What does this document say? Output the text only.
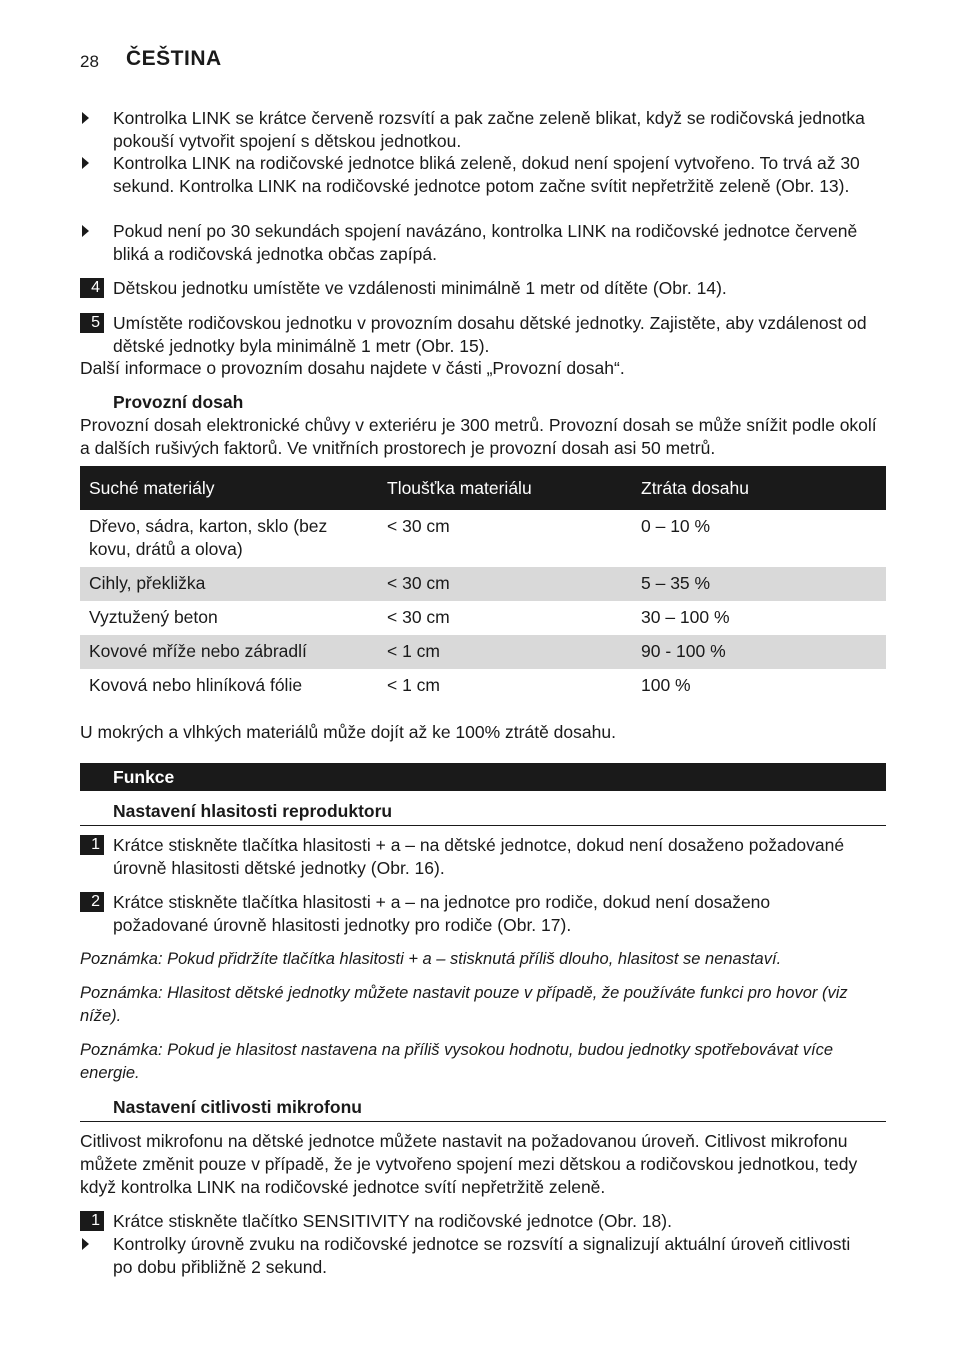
28 ČEŠTINA
Kontrolka LINK se krátce červeně rozsvítí a pak začne zeleně blikat, když se rodičovská jednotka pokouší vytvořit spojení s dětskou jednotkou.
Kontrolka LINK na rodičovské jednotce bliká zeleně, dokud není spojení vytvořeno. To trvá až 30 sekund. Kontrolka LINK na rodičovské jednotce potom začne svítit nepřetržitě zeleně (Obr. 13).
Pokud není po 30 sekundách spojení navázáno, kontrolka LINK na rodičovské jednotce červeně bliká a rodičovská jednotka občas zapípá.
4 Dětskou jednotku umístěte ve vzdálenosti minimálně 1 metr od dítěte (Obr. 14).
5 Umístěte rodičovskou jednotku v provozním dosahu dětské jednotky. Zajistěte, aby vzdálenost od dětské jednotky byla minimálně 1 metr (Obr. 15).
Další informace o provozním dosahu najdete v části „Provozní dosah“.
Provozní dosah
Provozní dosah elektronické chůvy v exteriéru je 300 metrů. Provozní dosah se může snížit podle okolí a dalších rušivých faktorů. Ve vnitřních prostorech je provozní dosah asi 50 metrů.
Suché materiály	Tloušťka materiálu	Ztráta dosahu
Dřevo, sádra, karton, sklo (bez kovu, drátů a olova)	< 30 cm	0 – 10 %
Cihly, překližka	< 30 cm	5 – 35 %
Vyztužený beton	< 30 cm	30 – 100 %
Kovové mříže nebo zábradlí	< 1 cm	90 - 100 %
Kovová nebo hliníková fólie	< 1 cm	100 %
U mokrých a vlhkých materiálů může dojít až ke 100% ztrátě dosahu.
Funkce
Nastavení hlasitosti reproduktoru
1 Krátce stiskněte tlačítka hlasitosti + a – na dětské jednotce, dokud není dosaženo požadované úrovně hlasitosti dětské jednotky (Obr. 16).
2 Krátce stiskněte tlačítka hlasitosti + a – na jednotce pro rodiče, dokud není dosaženo požadované úrovně hlasitosti jednotky pro rodiče (Obr. 17).
Poznámka: Pokud přidržíte tlačítka hlasitosti + a – stisknutá příliš dlouho, hlasitost se nenastaví.
Poznámka: Hlasitost dětské jednotky můžete nastavit pouze v případě, že používáte funkci pro hovor (viz níže).
Poznámka: Pokud je hlasitost nastavena na příliš vysokou hodnotu, budou jednotky spotřebovávat více energie.
Nastavení citlivosti mikrofonu
Citlivost mikrofonu na dětské jednotce můžete nastavit na požadovanou úroveň. Citlivost mikrofonu můžete změnit pouze v případě, že je vytvořeno spojení mezi dětskou a rodičovskou jednotkou, tedy když kontrolka LINK na rodičovské jednotce svítí nepřetržitě zeleně.
1 Krátce stiskněte tlačítko SENSITIVITY na rodičovské jednotce (Obr. 18).
Kontrolky úrovně zvuku na rodičovské jednotce se rozsvítí a signalizují aktuální úroveň citlivosti po dobu přibližně 2 sekund.
